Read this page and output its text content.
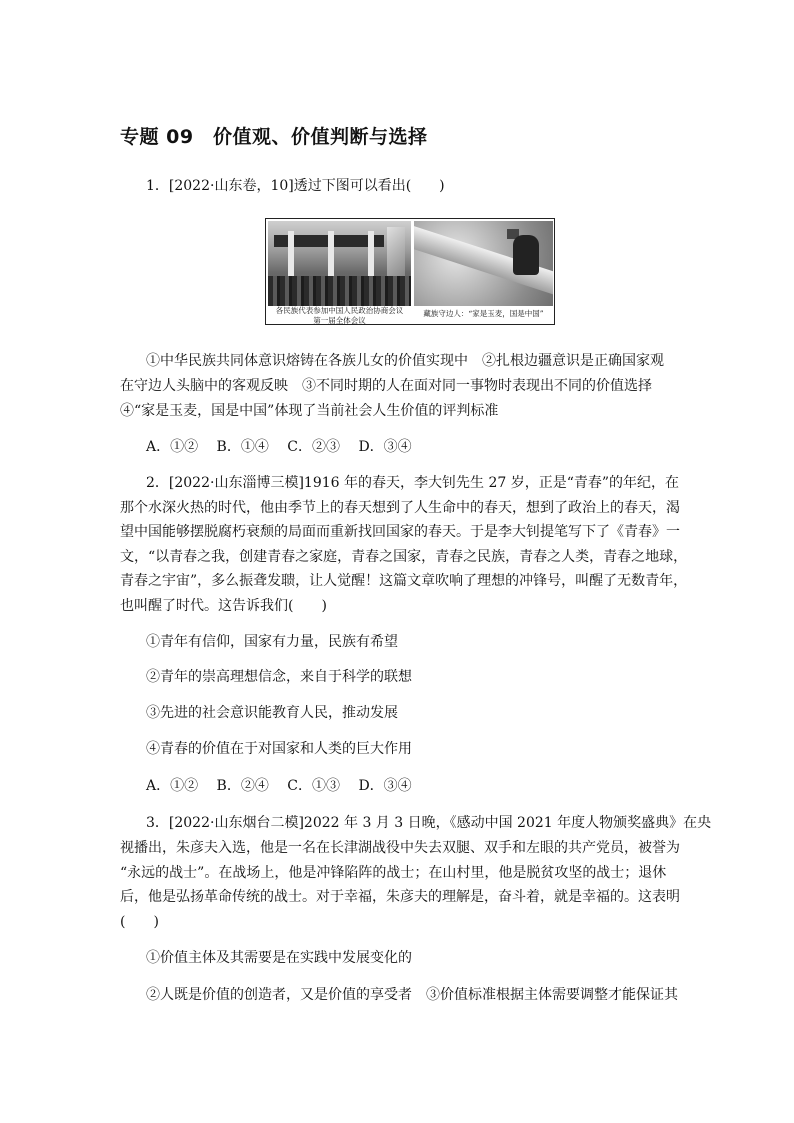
专题 09　价值观、价值判断与选择
1．[2022·山东卷，10]透过下图可以看出(　　)
各民族代表参加中国人民政治协商会议
第一届全体会议
藏族守边人：“家是玉麦，国是中国”
①中华民族共同体意识熔铸在各族儿女的价值实现中　②扎根边疆意识是正确国家观
在守边人头脑中的客观反映　③不同时期的人在面对同一事物时表现出不同的价值选择
④“家是玉麦，国是中国”体现了当前社会人生价值的评判标准
A．①②　 B．①④　 C．②③　 D．③④
2．[2022·山东淄博三模]1916 年的春天，李大钊先生 27 岁，正是“青春”的年纪，在
那个水深火热的时代，他由季节上的春天想到了人生命中的春天，想到了政治上的春天，渴
望中国能够摆脱腐朽衰颓的局面而重新找回国家的春天。于是李大钊提笔写下了《青春》一
文，“以青春之我，创建青春之家庭，青春之国家，青春之民族，青春之人类，青春之地球，
青春之宇宙”，多么振聋发聩，让人觉醒！这篇文章吹响了理想的冲锋号，叫醒了无数青年，
也叫醒了时代。这告诉我们(　　)
①青年有信仰，国家有力量，民族有希望
②青年的崇高理想信念，来自于科学的联想
③先进的社会意识能教育人民，推动发展
④青春的价值在于对国家和人类的巨大作用
A．①②　 B．②④　 C．①③　 D．③④
3．[2022·山东烟台二模]2022 年 3 月 3 日晚，《感动中国 2021 年度人物颁奖盛典》在央
视播出，朱彦夫入选，他是一名在长津湖战役中失去双腿、双手和左眼的共产党员，被誉为
“永远的战士”。在战场上，他是冲锋陷阵的战士；在山村里，他是脱贫攻坚的战士；退休
后，他是弘扬革命传统的战士。对于幸福，朱彦夫的理解是，奋斗着，就是幸福的。这表明
(　　)
①价值主体及其需要是在实践中发展变化的
②人既是价值的创造者，又是价值的享受者　③价值标准根据主体需要调整才能保证其
